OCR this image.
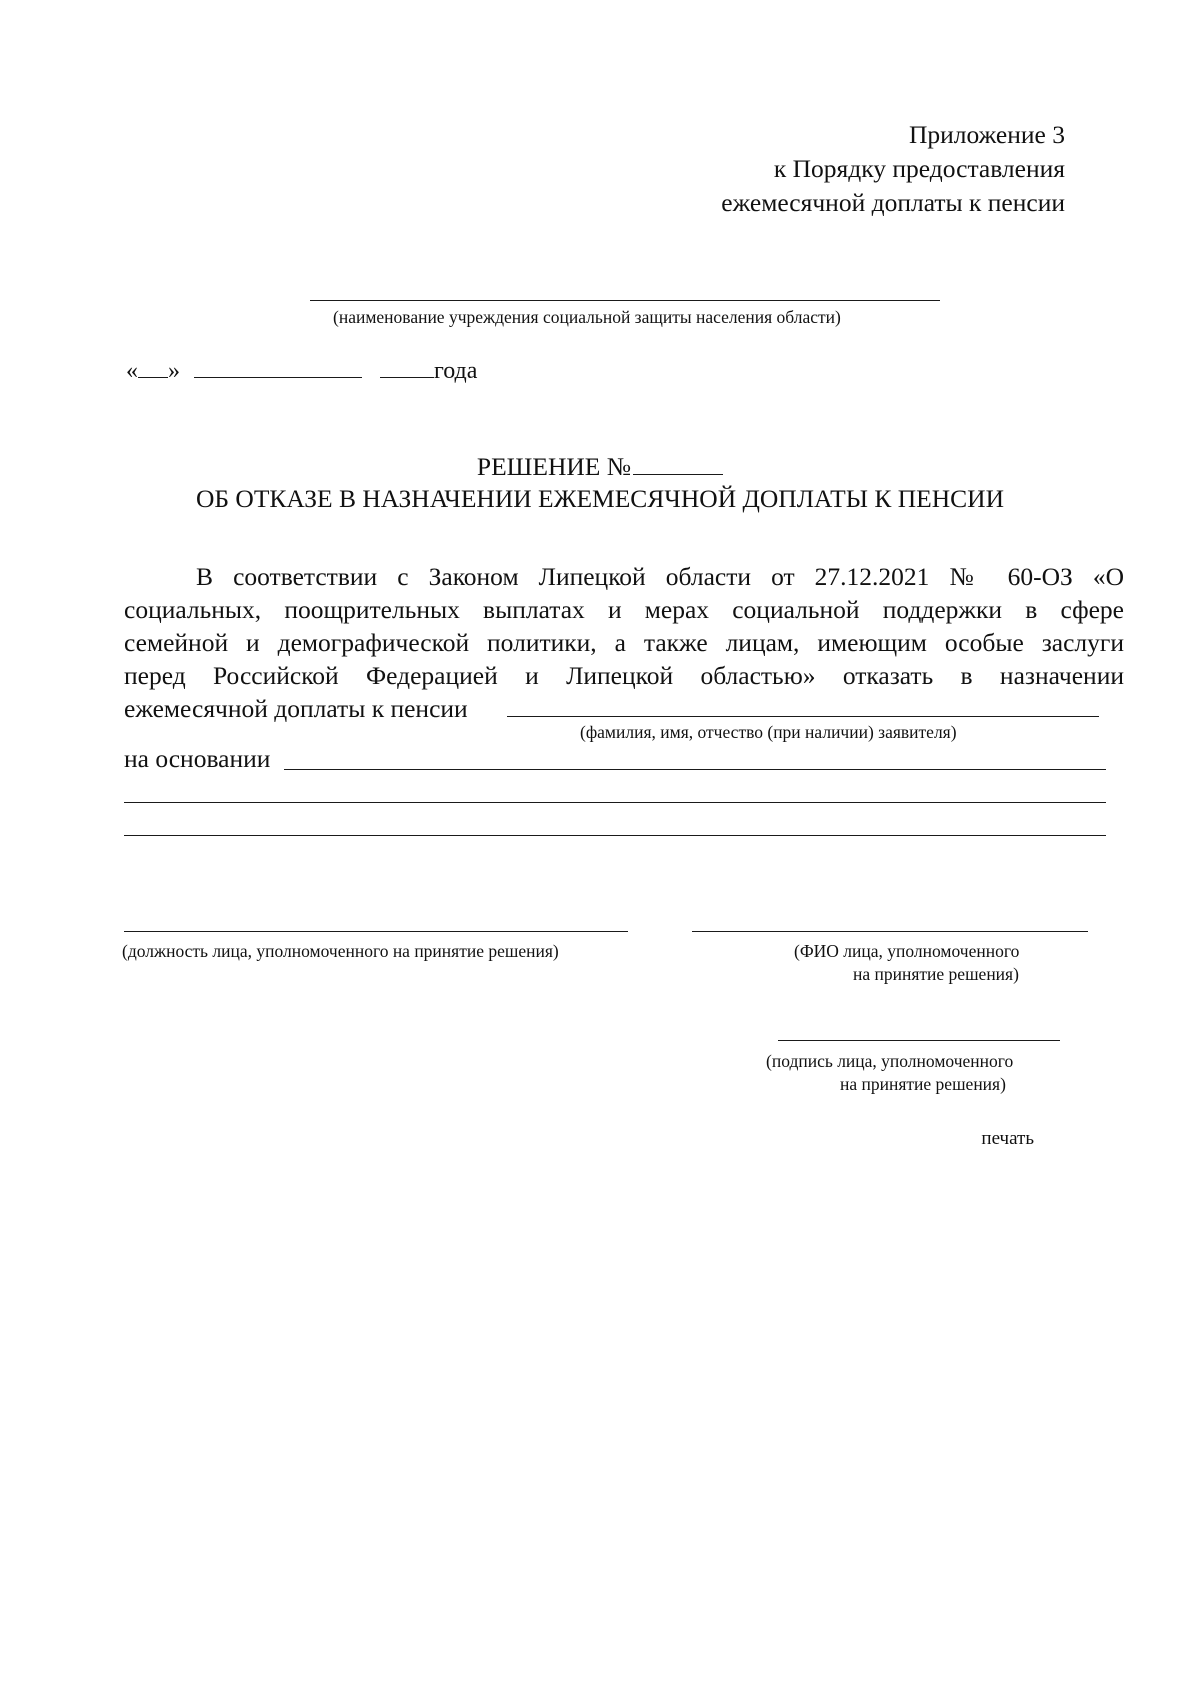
Приложение 3
к Порядку предоставления
ежемесячной доплаты к пенсии
(наименование учреждения социальной защиты населения области)
« »	года
РЕШЕНИЕ №
ОБ ОТКАЗЕ В НАЗНАЧЕНИИ ЕЖЕМЕСЯЧНОЙ ДОПЛАТЫ К ПЕНСИИ
В соответствии с Законом Липецкой области от 27.12.2021 № 60-ОЗ «О
социальных, поощрительных выплатах и мерах социальной поддержки в сфере
семейной и демографической политики, а также лицам, имеющим особые заслуги
перед Российской Федерацией и Липецкой областью» отказать в назначении
ежемесячной доплаты к пенсии
(фамилия, имя, отчество (при наличии) заявителя)
на основании
(должность лица, уполномоченного на принятие решения)	(ФИО лица, уполномоченного
на принятие решения)
(подпись лица, уполномоченного
на принятие решения)
печать
